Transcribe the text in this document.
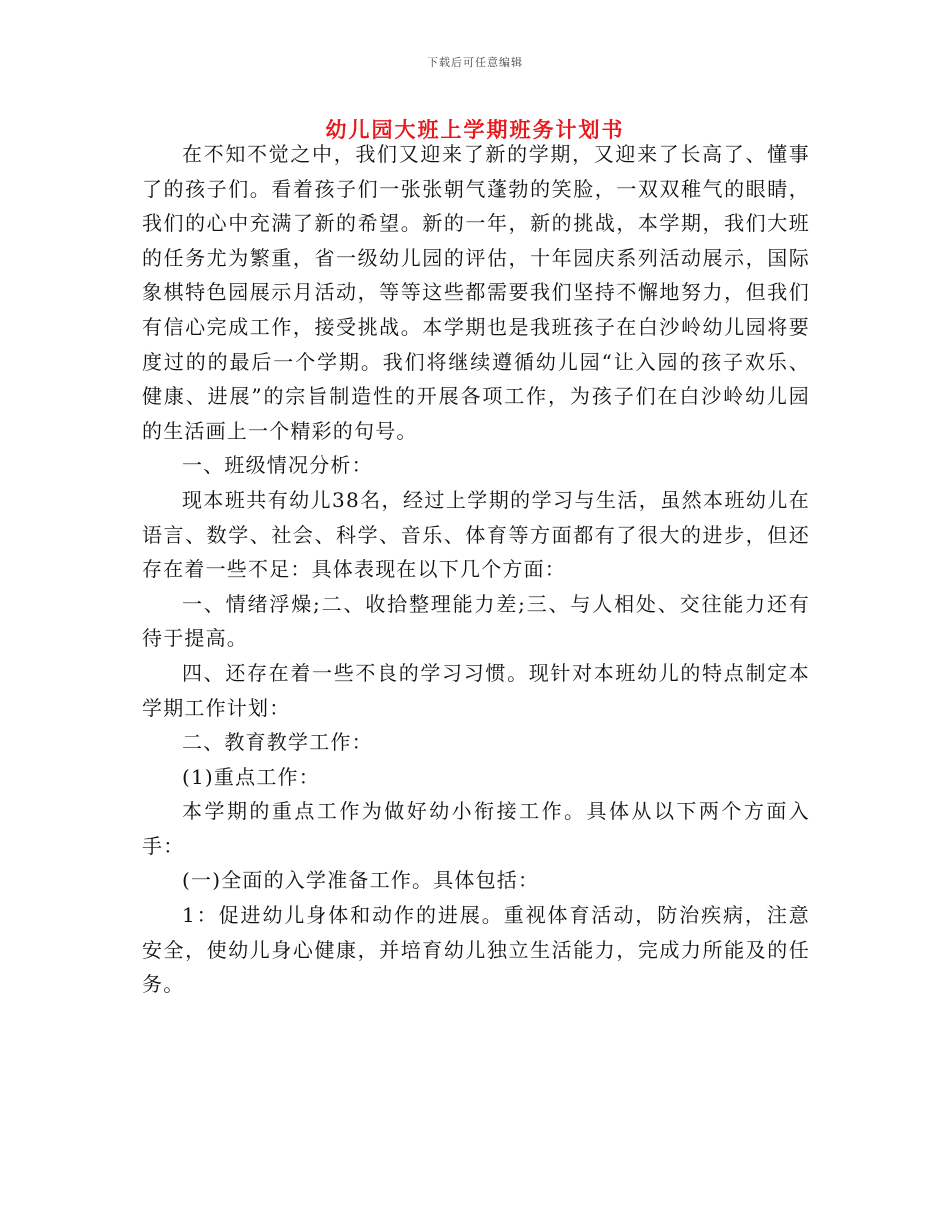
下载后可任意编辑
幼儿园大班上学期班务计划书

在不知不觉之中，我们又迎来了新的学期，又迎来了长高了、懂事了的孩子们。看着孩子们一张张朝气蓬勃的笑脸，一双双稚气的眼睛，我们的心中充满了新的希望。新的一年，新的挑战，本学期，我们大班的任务尤为繁重，省一级幼儿园的评估，十年园庆系列活动展示，国际象棋特色园展示月活动，等等这些都需要我们坚持不懈地努力，但我们有信心完成工作，接受挑战。本学期也是我班孩子在白沙岭幼儿园将要度过的的最后一个学期。我们将继续遵循幼儿园“让入园的孩子欢乐、健康、进展”的宗旨制造性的开展各项工作，为孩子们在白沙岭幼儿园的生活画上一个精彩的句号。

一、班级情况分析：

现本班共有幼儿38名，经过上学期的学习与生活，虽然本班幼儿在语言、数学、社会、科学、音乐、体育等方面都有了很大的进步，但还存在着一些不足：具体表现在以下几个方面：

一、情绪浮燥;二、收拾整理能力差;三、与人相处、交往能力还有待于提高。

四、还存在着一些不良的学习习惯。现针对本班幼儿的特点制定本学期工作计划：

二、教育教学工作：

(1)重点工作：

本学期的重点工作为做好幼小衔接工作。具体从以下两个方面入手：

(一)全面的入学准备工作。具体包括：

1：促进幼儿身体和动作的进展。重视体育活动，防治疾病，注意安全，使幼儿身心健康，并培育幼儿独立生活能力，完成力所能及的任务。
